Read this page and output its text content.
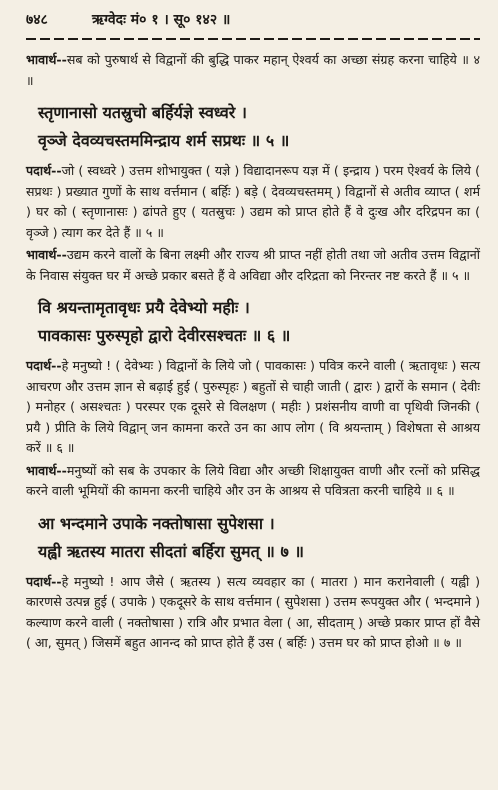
७४८	ऋग्वेदः मं० १ । सू० १४२ ॥
भावार्थ--सब को पुरुषार्थ से विद्वानों की बुद्धि पाकर महान् ऐश्वर्य का अच्छा संग्रह करना चाहिये ॥ ४ ॥

स्तृणानासो यतस्रुचो बर्हिर्यज्ञे स्वध्वरे ।

वृञ्जे देवव्यचस्तममिन्द्राय शर्म सप्रथः ॥ ५ ॥

पदार्थ--जो ( स्वध्वरे ) उत्तम शोभायुक्त ( यज्ञे ) विद्यादानरूप यज्ञ में ( इन्द्राय ) परम ऐश्वर्य के लिये ( सप्रथः ) प्रख्यात गुणों के साथ वर्त्तमान ( बर्हिः ) बड़े ( देवव्यचस्तमम् ) विद्वानों से अतीव व्याप्त ( शर्म ) घर को ( स्तृणानासः ) ढांपते हुए ( यतस्रुचः ) उद्यम को प्राप्त होते हैं वे दुःख और दरिद्रपन का ( वृञ्जे ) त्याग कर देते हैं ॥ ५ ॥
भावार्थ--उद्यम करने वालों के बिना लक्ष्मी और राज्य श्री प्राप्त नहीं होती तथा जो अतीव उत्तम विद्वानों के निवास संयुक्त घर में अच्छे प्रकार बसते हैं वे अविद्या और दरिद्रता को निरन्तर नष्ट करते हैं ॥ ५ ॥

वि श्रयन्तामृतावृधः प्रयै देवेभ्यो महीः ।

पावकासः पुरुस्पृहो द्वारो देवीरसश्चतः ॥ ६ ॥

पदार्थ--हे मनुष्यो ! ( देवेभ्यः ) विद्वानों के लिये जो ( पावकासः ) पवित्र करने वाली ( ऋतावृधः ) सत्य आचरण और उत्तम ज्ञान से बढ़ाई हुई ( पुरुस्पृहः ) बहुतों से चाही जाती ( द्वारः ) द्वारों के समान ( देवीः ) मनोहर ( असश्चतः ) परस्पर एक दूसरे से विलक्षण ( महीः ) प्रशंसनीय वाणी वा पृथिवी जिनकी ( प्रयै ) प्रीति के लिये विद्वान् जन कामना करते उन का आप लोग ( वि श्रयन्ताम् ) विशेषता से आश्रय करें ॥ ६ ॥
भावार्थ--मनुष्यों को सब के उपकार के लिये विद्या और अच्छी शिक्षायुक्त वाणी और रत्नों को प्रसिद्ध करने वाली भूमियों की कामना करनी चाहिये और उन के आश्रय से पवित्रता करनी चाहिये ॥ ६ ॥

आ भन्दमाने उपाके नक्तोषासा सुपेशसा ।

यह्वी ऋतस्य मातरा सीदतां बर्हिरा सुमत् ॥ ७ ॥

पदार्थ--हे मनुष्यो ! आप जैसे ( ऋतस्य ) सत्य व्यवहार का ( मातरा ) मान करानेवाली ( यह्वी ) कारणसे उत्पन्न हुई ( उपाके ) एकदूसरे के साथ वर्त्तमान ( सुपेशसा ) उत्तम रूपयुक्त और ( भन्दमाने ) कल्याण करने वाली ( नक्तोषासा ) रात्रि और प्रभात वेला ( आ, सीदताम् ) अच्छे प्रकार प्राप्त हों वैसे ( आ, सुमत् ) जिसमें बहुत आनन्द को प्राप्त होते हैं उस ( बर्हिः ) उत्तम घर को प्राप्त होओ ॥ ७ ॥
